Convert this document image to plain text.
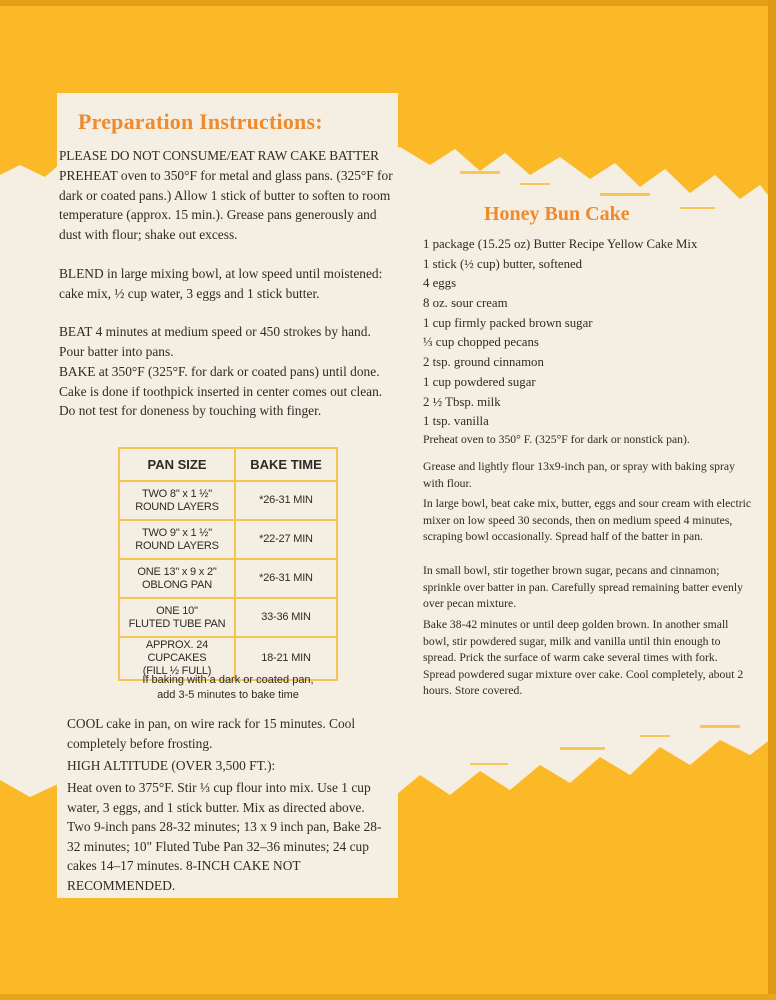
Preparation Instructions:

PLEASE DO NOT CONSUME/EAT RAW CAKE BATTER

PREHEAT oven to 350°F for metal and glass pans. (325°F for dark or coated pans.) Allow 1 stick of butter to soften to room temperature (approx. 15 min.). Grease pans generously and dust with flour; shake out excess.

BLEND in large mixing bowl, at low speed until moistened: cake mix, ½ cup water, 3 eggs and 1 stick butter.

BEAT 4 minutes at medium speed or 450 strokes by hand. Pour batter into pans.

BAKE at 350°F (325°F. for dark or coated pans) until done. Cake is done if toothpick inserted in center comes out clean. Do not test for doneness by touching with finger.

PAN SIZE	BAKE TIME
TWO 8" x 1 ½"
ROUND LAYERS	*26-31 MIN
TWO 9" x 1 ½"
ROUND LAYERS	*22-27 MIN
ONE 13" x 9 x 2"
OBLONG PAN	*26-31 MIN
ONE 10"
FLUTED TUBE PAN	33-36 MIN
APPROX. 24 CUPCAKES
(FILL ½ FULL)	18-21 MIN
If baking with a dark or coated pan,
add 3-5 minutes to bake time

COOL cake in pan, on wire rack for 15 minutes. Cool completely before frosting.

HIGH ALTITUDE (OVER 3,500 FT.):

Heat oven to 375°F. Stir ⅓ cup flour into mix. Use 1 cup water, 3 eggs, and 1 stick butter. Mix as directed above. Two 9-inch pans 28-32 minutes; 13 x 9 inch pan, Bake 28-32 minutes; 10" Fluted Tube Pan 32–36 minutes; 24 cup cakes 14–17 minutes. 8-INCH CAKE NOT RECOMMENDED.

Honey Bun Cake
1 package (15.25 oz) Butter Recipe Yellow Cake Mix
1 stick (½ cup) butter, softened
4 eggs
8 oz. sour cream
1 cup firmly packed brown sugar
⅓ cup chopped pecans
2 tsp. ground cinnamon
1 cup powdered sugar
2 ½ Tbsp. milk
1 tsp. vanilla

Preheat oven to 350° F. (325°F for dark or nonstick pan).

Grease and lightly flour 13x9-inch pan, or spray with baking spray with flour.

In large bowl, beat cake mix, butter, eggs and sour cream with electric mixer on low speed 30 seconds, then on medium speed 4 minutes, scraping bowl occasionally. Spread half of the batter in pan.

In small bowl, stir together brown sugar, pecans and cinnamon; sprinkle over batter in pan. Carefully spread remaining batter evenly over pecan mixture.

Bake 38-42 minutes or until deep golden brown. In another small bowl, stir powdered sugar, milk and vanilla until thin enough to spread. Prick the surface of warm cake several times with fork. Spread powdered sugar mixture over cake. Cool completely, about 2 hours. Store covered.
